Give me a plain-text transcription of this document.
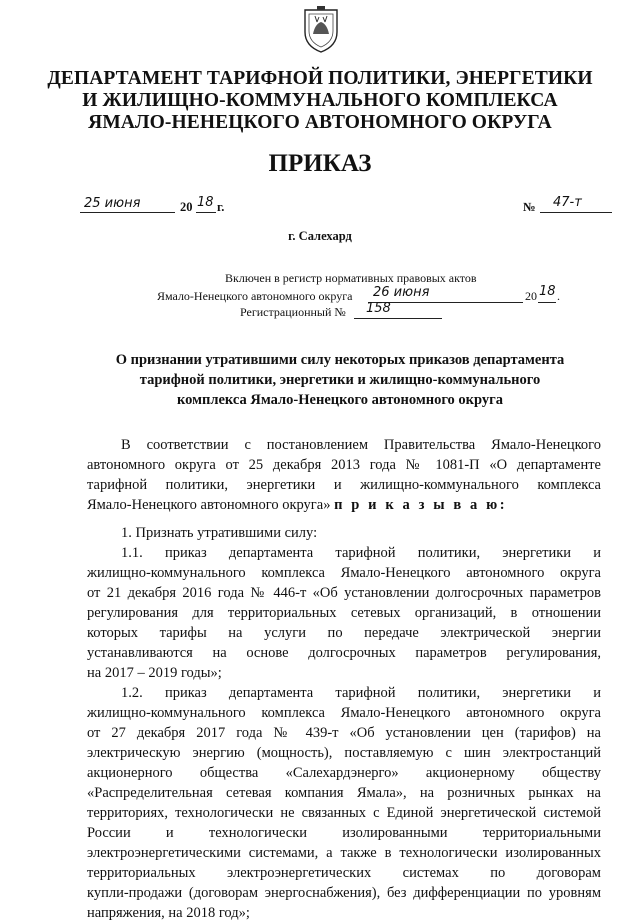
ДЕПАРТАМЕНТ ТАРИФНОЙ ПОЛИТИКИ, ЭНЕРГЕТИКИ
И ЖИЛИЩНО-КОММУНАЛЬНОГО КОМПЛЕКСА
ЯМАЛО-НЕНЕЦКОГО АВТОНОМНОГО ОКРУГА
ПРИКАЗ
25 июня	20 18 г.	№ 47-т
г. Салехард
Включен в регистр нормативных правовых актов
Ямало-Ненецкого автономного округа 26 июня	20 18 .
Регистрационный № 158
О признании утратившими силу некоторых приказов департамента
тарифной политики, энергетики и жилищно-коммунального
комплекса Ямало-Ненецкого автономного округа
В соответствии с постановлением Правительства Ямало-Ненецкого
автономного округа от 25 декабря 2013 года № 1081-П «О департаменте
тарифной политики, энергетики и жилищно-коммунального комплекса
Ямало-Ненецкого автономного округа» п р и к а з ы в а ю:
1. Признать утратившими силу:
1.1. приказ департамента тарифной политики, энергетики и
жилищно-коммунального комплекса Ямало-Ненецкого автономного округа
от 21 декабря 2016 года № 446-т «Об установлении долгосрочных параметров
регулирования для территориальных сетевых организаций, в отношении
которых тарифы на услуги по передаче электрической энергии
устанавливаются на основе долгосрочных параметров регулирования,
на 2017 – 2019 годы»;
1.2. приказ департамента тарифной политики, энергетики и
жилищно-коммунального комплекса Ямало-Ненецкого автономного округа
от 27 декабря 2017 года № 439-т «Об установлении цен (тарифов) на
электрическую энергию (мощность), поставляемую с шин электростанций
акционерного общества «Салехардэнерго» акционерному обществу
«Распределительная сетевая компания Ямала», на розничных рынках на
территориях, технологически не связанных с Единой энергетической системой
России и технологически изолированными территориальными
электроэнергетическими системами, а также в технологически изолированных
территориальных электроэнергетических системах по договорам
купли-продажи (договорам энергоснабжения), без дифференциации по уровням
напряжения, на 2018 год»;
